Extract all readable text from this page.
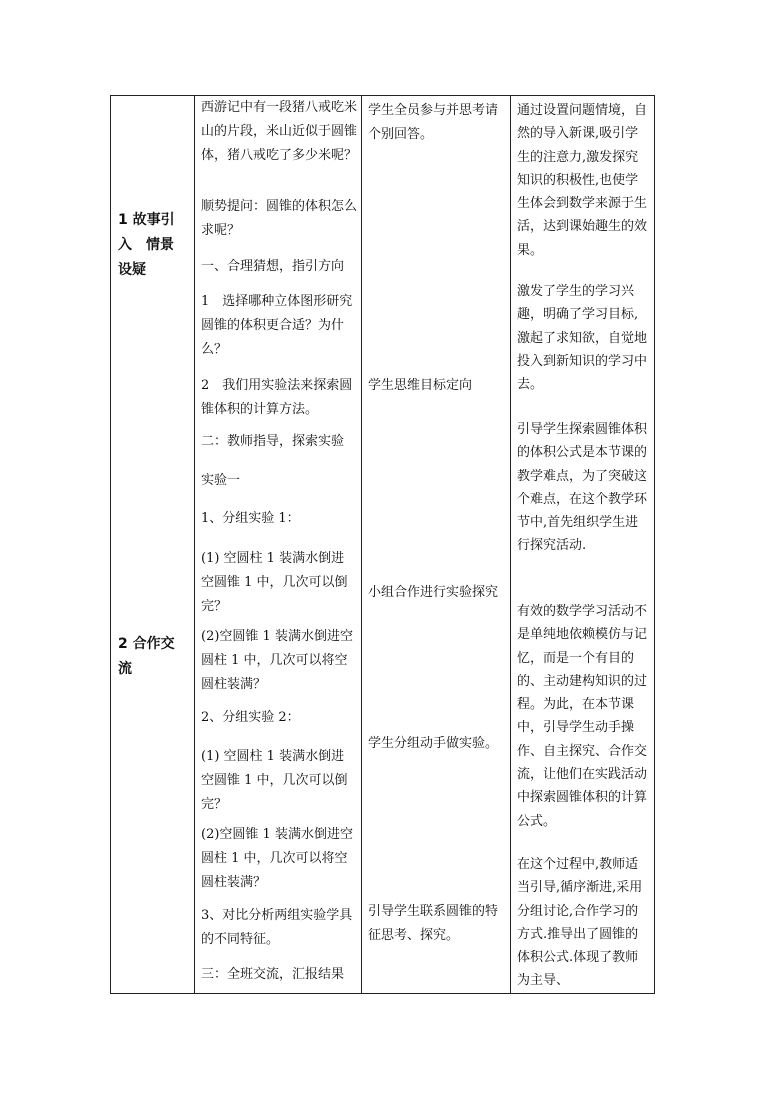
1 故事引入　情景设疑
2 合作交流

西游记中有一段猪八戒吃米山的片段，米山近似于圆锥体，猪八戒吃了多少米呢？

顺势提问：圆锥的体积怎么求呢？

一、合理猜想，指引方向

1　选择哪种立体图形研究圆锥的体积更合适？为什么？

2　我们用实验法来探索圆锥体积的计算方法。

二：教师指导，探索实验

实验一

1、分组实验 1：

(1) 空圆柱 1 装满水倒进空圆锥 1 中，几次可以倒完？

(2)空圆锥 1 装满水倒进空圆柱 1 中，几次可以将空圆柱装满？

2、分组实验 2：

(1) 空圆柱 1 装满水倒进空圆锥 1 中，几次可以倒完？

(2)空圆锥 1 装满水倒进空圆柱 1 中，几次可以将空圆柱装满？

3、对比分析两组实验学具的不同特征。

三：全班交流，汇报结果

学生全员参与并思考请个别回答。

学生思维目标定向

小组合作进行实验探究

学生分组动手做实验。

引导学生联系圆锥的特征思考、探究。

通过设置问题情境，自然的导入新课,吸引学生的注意力,激发探究知识的积极性,也使学生体会到数学来源于生活，达到课始趣生的效果。

激发了学生的学习兴趣，明确了学习目标,激起了求知欲，自觉地投入到新知识的学习中去。

引导学生探索圆锥体积的体积公式是本节课的教学难点，为了突破这个难点，在这个教学环节中,首先组织学生进行探究活动.

有效的数学学习活动不是单纯地依赖模仿与记忆，而是一个有目的的、主动建构知识的过程。为此，在本节课中，引导学生动手操作、自主探究、合作交流，让他们在实践活动中探索圆锥体积的计算公式。

在这个过程中,教师适当引导,循序渐进,采用分组讨论,合作学习的方式.推导出了圆锥的体积公式.体现了教师为主导、
